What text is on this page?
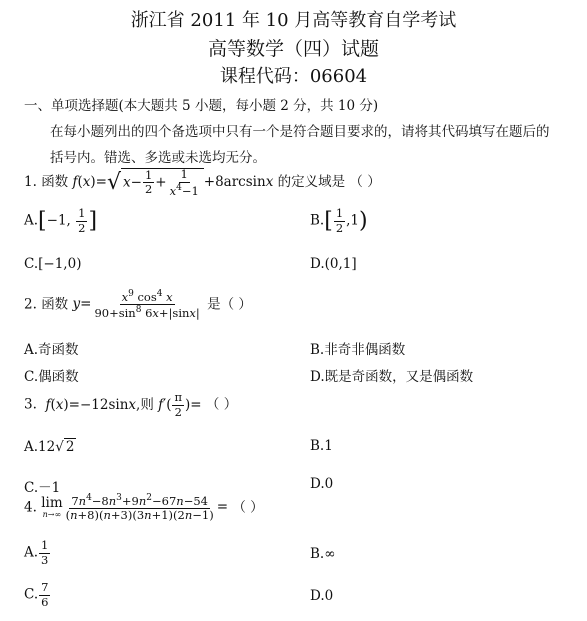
浙江省 2011 年 10 月高等教育自学考试
高等数学（四）试题
课程代码：06604
一、单项选择题(本大题共 5 小题，每小题 2 分，共 10 分)
在每小题列出的四个备选项中只有一个是符合题目要求的，请将其代码填写在题后的
括号内。错选、多选或未选均无分。
1. 函数 f(x)=√ $x- \frac{1}{2} + \frac{1}{x^4-1} +8\arcsin x$ 的定义域是 （ ）
A.[−1, $\frac{1}{2}$ ]	$B.[ \frac{1}{2} ,1)$
C.[−1,0)	D.(0,1]
2. 函数 $y= \frac{x^9 \cos^4 x}{90+\sin^8 6x+|\sin x|}$ 是（ ）
A.奇函数	B.非奇非偶函数
C.偶函数	D.既是奇函数，又是偶函数
3. f(x)=−12sinx,则 $f'( \frac{\pi}{2}$ )= （ ）
A.12√ 2	B.1
C.－1	D.0
4. lim
$n\to\infty \frac{7n^4-8n^3+9n^2-67n-54}{(n+8)(n+3)(3n+1)(2n-1)}$ = （ ）
A. $\frac{1}{3}$	B.∞
C. $\frac{7}{6}$	D.0
